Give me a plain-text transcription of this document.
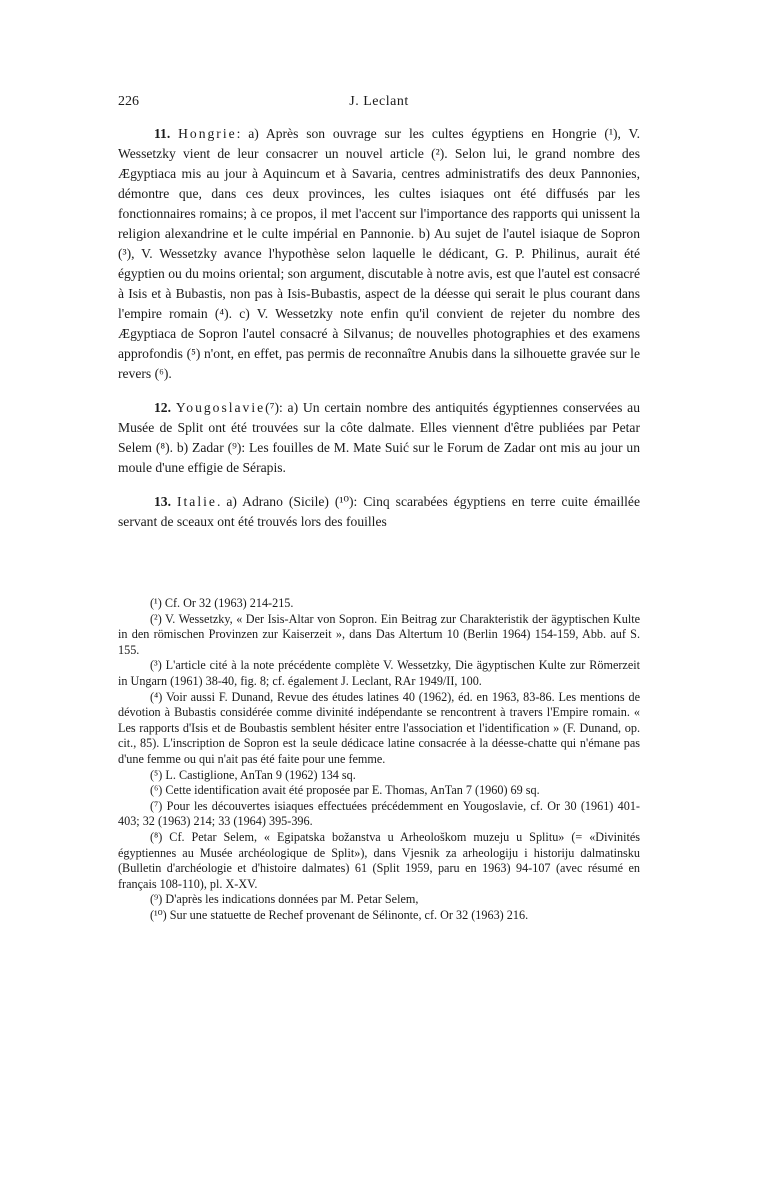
226	J. Leclant

11. Hongrie: a) Après son ouvrage sur les cultes égyptiens en Hongrie (¹), V. Wessetzky vient de leur consacrer un nouvel article (²). Selon lui, le grand nombre des Ægyptiaca mis au jour à Aquincum et à Savaria, centres administratifs des deux Pannonies, démontre que, dans ces deux provinces, les cultes isiaques ont été diffusés par les fonctionnaires romains; à ce propos, il met l'accent sur l'importance des rapports qui unissent la religion alexandrine et le culte impérial en Pannonie. b) Au sujet de l'autel isiaque de Sopron (³), V. Wessetzky avance l'hypothèse selon laquelle le dédicant, G. P. Philinus, aurait été égyptien ou du moins oriental; son argument, discutable à notre avis, est que l'autel est consacré à Isis et à Bubastis, non pas à Isis-Bubastis, aspect de la déesse qui serait le plus courant dans l'empire romain (⁴). c) V. Wessetzky note enfin qu'il convient de rejeter du nombre des Ægyptiaca de Sopron l'autel consacré à Silvanus; de nouvelles photographies et des examens approfondis (⁵) n'ont, en effet, pas permis de reconnaître Anubis dans la silhouette gravée sur le revers (⁶).

12. Yougoslavie(⁷): a) Un certain nombre des antiquités égyptiennes conservées au Musée de Split ont été trouvées sur la côte dalmate. Elles viennent d'être publiées par Petar Selem (⁸). b) Zadar (⁹): Les fouilles de M. Mate Suić sur le Forum de Zadar ont mis au jour un moule d'une effigie de Sérapis.

13. Italie. a) Adrano (Sicile) (¹⁰): Cinq scarabées égyptiens en terre cuite émaillée servant de sceaux ont été trouvés lors des fouilles

(¹) Cf. Or 32 (1963) 214-215.

(²) V. Wessetzky, « Der Isis-Altar von Sopron. Ein Beitrag zur Charakteristik der ägyptischen Kulte in den römischen Provinzen zur Kaiserzeit », dans Das Altertum 10 (Berlin 1964) 154-159, Abb. auf S. 155.

(³) L'article cité à la note précédente complète V. Wessetzky, Die ägyptischen Kulte zur Römerzeit in Ungarn (1961) 38-40, fig. 8; cf. également J. Leclant, RAr 1949/II, 100.

(⁴) Voir aussi F. Dunand, Revue des études latines 40 (1962), éd. en 1963, 83-86. Les mentions de dévotion à Bubastis considérée comme divinité indépendante se rencontrent à travers l'Empire romain. « Les rapports d'Isis et de Boubastis semblent hésiter entre l'association et l'identification » (F. Dunand, op. cit., 85). L'inscription de Sopron est la seule dédicace latine consacrée à la déesse-chatte qui n'émane pas d'une femme ou qui n'ait pas été faite pour une femme.

(⁵) L. Castiglione, AnTan 9 (1962) 134 sq.

(⁶) Cette identification avait été proposée par E. Thomas, AnTan 7 (1960) 69 sq.

(⁷) Pour les découvertes isiaques effectuées précédemment en Yougoslavie, cf. Or 30 (1961) 401-403; 32 (1963) 214; 33 (1964) 395-396.

(⁸) Cf. Petar Selem, « Egipatska božanstva u Arheološkom muzeju u Splitu» (= «Divinités égyptiennes au Musée archéologique de Split»), dans Vjesnik za arheologiju i historiju dalmatinsku (Bulletin d'archéologie et d'histoire dalmates) 61 (Split 1959, paru en 1963) 94-107 (avec résumé en français 108-110), pl. X-XV.

(⁹) D'après les indications données par M. Petar Selem,

(¹⁰) Sur une statuette de Rechef provenant de Sélinonte, cf. Or 32 (1963) 216.
